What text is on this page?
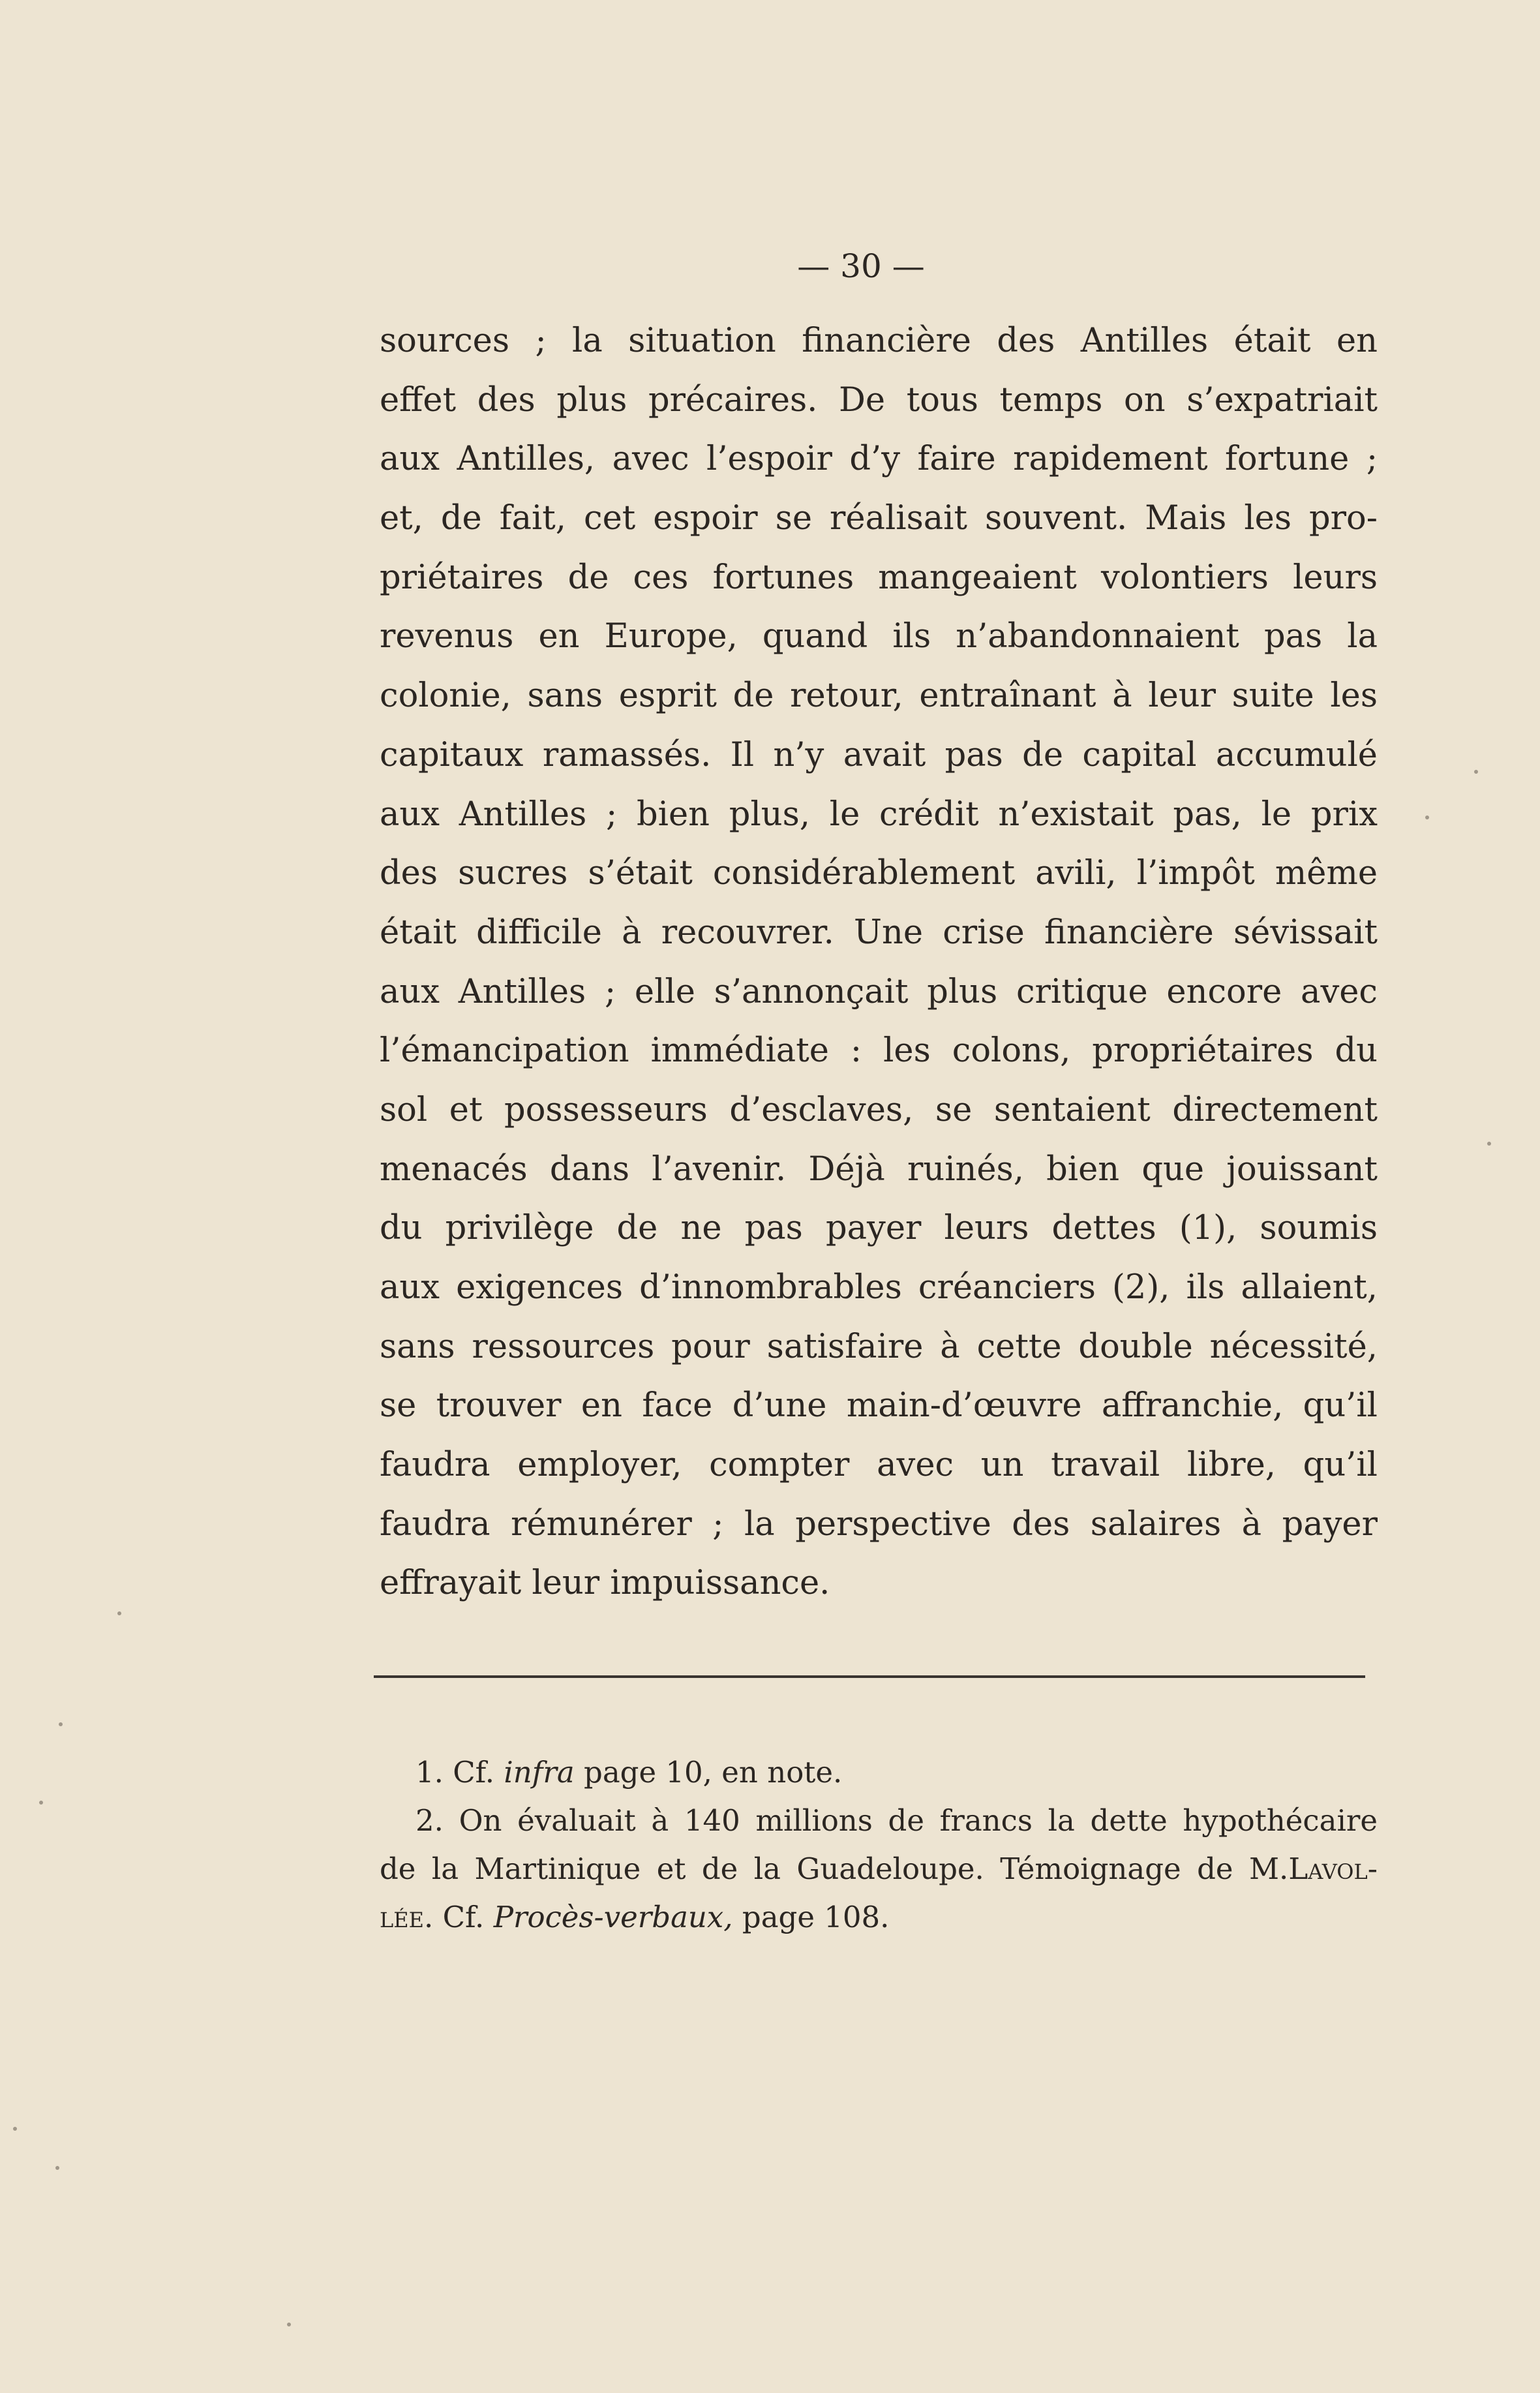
— 30 —
sources ; la situation financière des Antilles était en
effet des plus précaires. De tous temps on s’expatriait
aux Antilles, avec l’espoir d’y faire rapidement fortune ;
et, de fait, cet espoir se réalisait souvent. Mais les pro-
priétaires de ces fortunes mangeaient volontiers leurs
revenus en Europe, quand ils n’abandonnaient pas la
colonie, sans esprit de retour, entraînant à leur suite les
capitaux ramassés. Il n’y avait pas de capital accumulé
aux Antilles ; bien plus, le crédit n’existait pas, le prix
des sucres s’était considérablement avili, l’impôt même
était difficile à recouvrer. Une crise financière sévissait
aux Antilles ; elle s’annonçait plus critique encore avec
l’émancipation immédiate : les colons, propriétaires du
sol et possesseurs d’esclaves, se sentaient directement
menacés dans l’avenir. Déjà ruinés, bien que jouissant
du privilège de ne pas payer leurs dettes (1), soumis
aux exigences d’innombrables créanciers (2), ils allaient,
sans ressources pour satisfaire à cette double nécessité,
se trouver en face d’une main-d’œuvre affranchie, qu’il
faudra employer, compter avec un travail libre, qu’il
faudra rémunérer ; la perspective des salaires à payer
effrayait leur impuissance.
1. Cf. infra page 10, en note.
2. On évaluait à 140 millions de francs la dette hypothécaire
de la Martinique et de la Guadeloupe. Témoignage de M.Lavol-
lée. Cf. Procès-verbaux, page 108.
